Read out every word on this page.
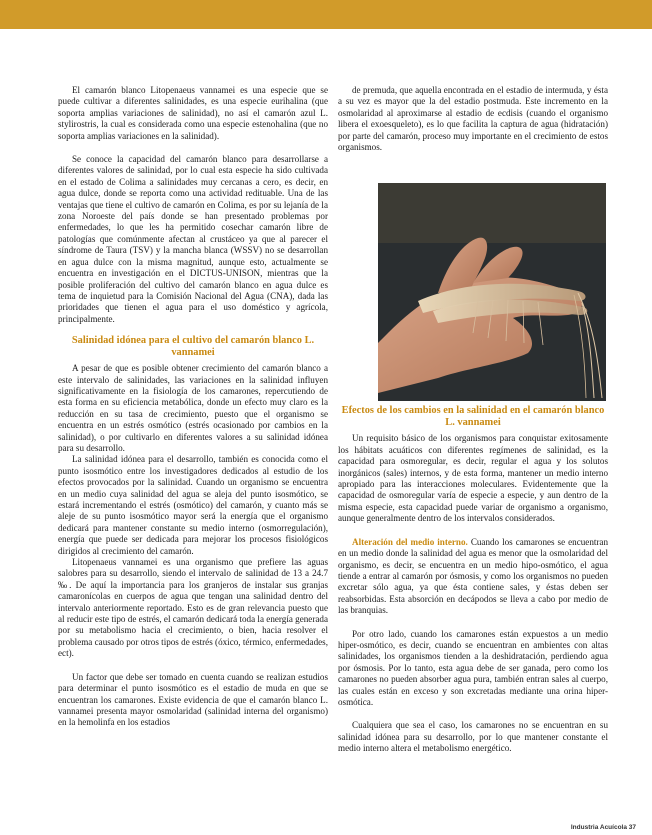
El camarón blanco Litopenaeus vannamei es una especie que se puede cultivar a diferentes salinidades, es una especie eurihalina (que soporta amplias variaciones de salinidad), no así el camarón azul L. stylirostris, la cual es considerada como una especie estenohalina (que no soporta amplias variaciones en la salinidad).

Se conoce la capacidad del camarón blanco para desarrollarse a diferentes valores de salinidad, por lo cual esta especie ha sido cultivada en el estado de Colima a salinidades muy cercanas a cero, es decir, en agua dulce, donde se reporta como una actividad redituable. Una de las ventajas que tiene el cultivo de camarón en Colima, es por su lejanía de la zona Noroeste del país donde se han presentado problemas por enfermedades, lo que les ha permitido cosechar camarón libre de patologías que comúnmente afectan al crustáceo ya que al parecer el síndrome de Taura (TSV) y la mancha blanca (WSSV) no se desarrollan en agua dulce con la misma magnitud, aunque esto, actualmente se encuentra en investigación en el DICTUS-UNISON, mientras que la posible proliferación del cultivo del camarón blanco en agua dulce es tema de inquietud para la Comisión Nacional del Agua (CNA), dada las prioridades que tienen el agua para el uso doméstico y agrícola, principalmente.

Salinidad idónea para el cultivo del camarón blanco L. vannamei

A pesar de que es posible obtener crecimiento del camarón blanco a este intervalo de salinidades, las variaciones en la salinidad influyen significativamente en la fisiología de los camarones, repercutiendo de esta forma en su eficiencia metabólica, donde un efecto muy claro es la reducción en su tasa de crecimiento, puesto que el organismo se encuentra en un estrés osmótico (estrés ocasionado por cambios en la salinidad), o por cultivarlo en diferentes valores a su salinidad idónea para su desarrollo.

La salinidad idónea para el desarrollo, también es conocida como el punto isosmótico entre los investigadores dedicados al estudio de los efectos provocados por la salinidad. Cuando un organismo se encuentra en un medio cuya salinidad del agua se aleja del punto isosmótico, se estará incrementando el estrés (osmótico) del camarón, y cuanto más se aleje de su punto isosmótico mayor será la energía que el organismo dedicará para mantener constante su medio interno (osmorregulación), energía que puede ser dedicada para mejorar los procesos fisiológicos dirigidos al crecimiento del camarón.

Litopenaeus vannamei es una organismo que prefiere las aguas salobres para su desarrollo, siendo el intervalo de salinidad de 13 a 24.7 ‰. De aquí la importancia para los granjeros de instalar sus granjas camaronícolas en cuerpos de agua que tengan una salinidad dentro del intervalo anteriormente reportado. Esto es de gran relevancia puesto que al reducir este tipo de estrés, el camarón dedicará toda la energía generada por su metabolismo hacia el crecimiento, o bien, hacia resolver el problema causado por otros tipos de estrés (óxico, térmico, enfermedades, ect).

Un factor que debe ser tomado en cuenta cuando se realizan estudios para determinar el punto isosmótico es el estadio de muda en que se encuentran los camarones. Existe evidencia de que el camarón blanco L. vannamei presenta mayor osmolaridad (salinidad interna del organismo) en la hemolinfa en los estadios

de premuda, que aquella encontrada en el estadio de intermuda, y ésta a su vez es mayor que la del estadio postmuda. Este incremento en la osmolaridad al aproximarse al estadio de ecdisis (cuando el organismo libera el exoesqueleto), es lo que facilita la captura de agua (hidratación) por parte del camarón, proceso muy importante en el crecimiento de estos organismos.

Efectos de los cambios en la salinidad en el camarón blanco L. vannamei

Un requisito básico de los organismos para conquistar exitosamente los hábitats acuáticos con diferentes regímenes de salinidad, es la capacidad para osmoregular, es decir, regular el agua y los solutos inorgánicos (sales) internos, y de esta forma, mantener un medio interno apropiado para las interacciones moleculares. Evidentemente que la capacidad de osmoregular varía de especie a especie, y aun dentro de la misma especie, esta capacidad puede variar de organismo a organismo, aunque generalmente dentro de los intervalos considerados.

Alteración del medio interno. Cuando los camarones se encuentran en un medio donde la salinidad del agua es menor que la osmolaridad del organismo, es decir, se encuentra en un medio hipo-osmótico, el agua tiende a entrar al camarón por ósmosis, y como los organismos no pueden excretar sólo agua, ya que ésta contiene sales, y éstas deben ser reabsorbidas. Esta absorción en decápodos se lleva a cabo por medio de las branquias.

Por otro lado, cuando los camarones están expuestos a un medio hiper-osmótico, es decir, cuando se encuentran en ambientes con altas salinidades, los organismos tienden a la deshidratación, perdiendo agua por ósmosis. Por lo tanto, esta agua debe de ser ganada, pero como los camarones no pueden absorber agua pura, también entran sales al cuerpo, las cuales están en exceso y son excretadas mediante una orina hiper-osmótica.

Cualquiera que sea el caso, los camarones no se encuentran en su salinidad idónea para su desarrollo, por lo que mantener constante el medio interno altera el metabolismo energético.

Industria Acuícola 37
